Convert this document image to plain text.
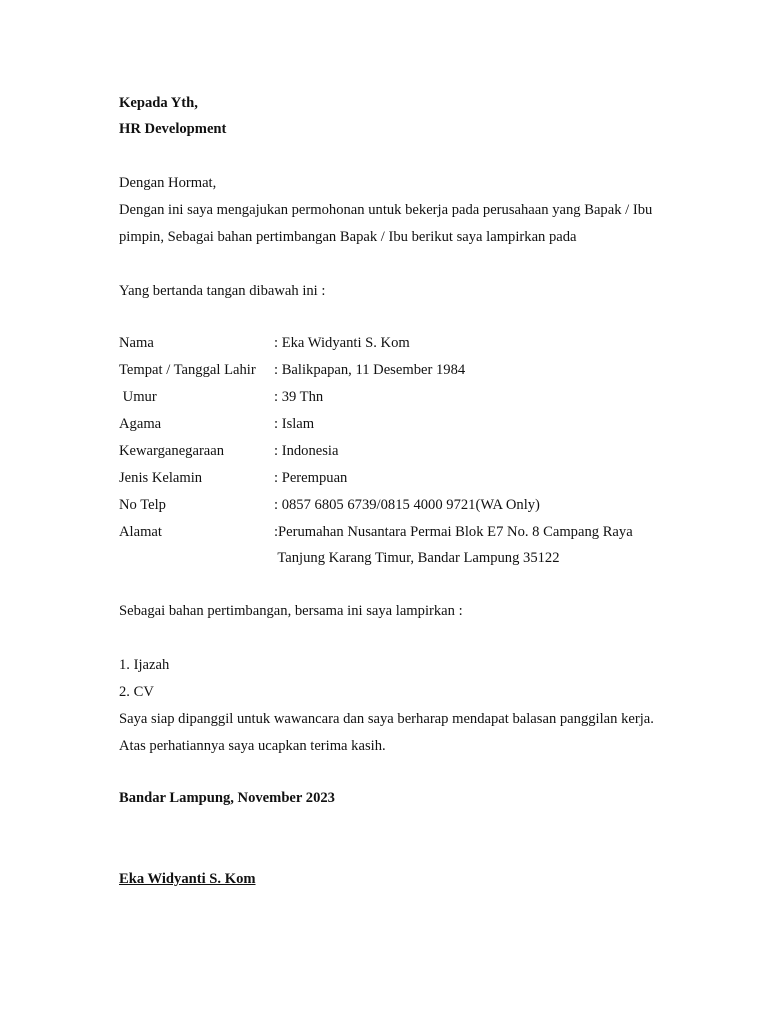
Kepada Yth,
HR Development
Dengan Hormat,
Dengan ini saya mengajukan permohonan untuk bekerja pada perusahaan yang Bapak / Ibu
pimpin, Sebagai bahan pertimbangan Bapak / Ibu berikut saya lampirkan pada
Yang bertanda tangan dibawah ini :
Nama	: Eka Widyanti S. Kom
Tempat / Tanggal Lahir : Balikpapan, 11 Desember 1984
Umur	: 39 Thn
Agama	: Islam
Kewarganegaraan	: Indonesia
Jenis Kelamin	: Perempuan
No Telp	: 0857 6805 6739/0815 4000 9721(WA Only)
Alamat	:Perumahan Nusantara Permai Blok E7 No. 8 Campang Raya
Tanjung Karang Timur, Bandar Lampung 35122
Sebagai bahan pertimbangan, bersama ini saya lampirkan :
1. Ijazah
2. CV
Saya siap dipanggil untuk wawancara dan saya berharap mendapat balasan panggilan kerja.
Atas perhatiannya saya ucapkan terima kasih.
Bandar Lampung, November 2023
Eka Widyanti S. Kom
